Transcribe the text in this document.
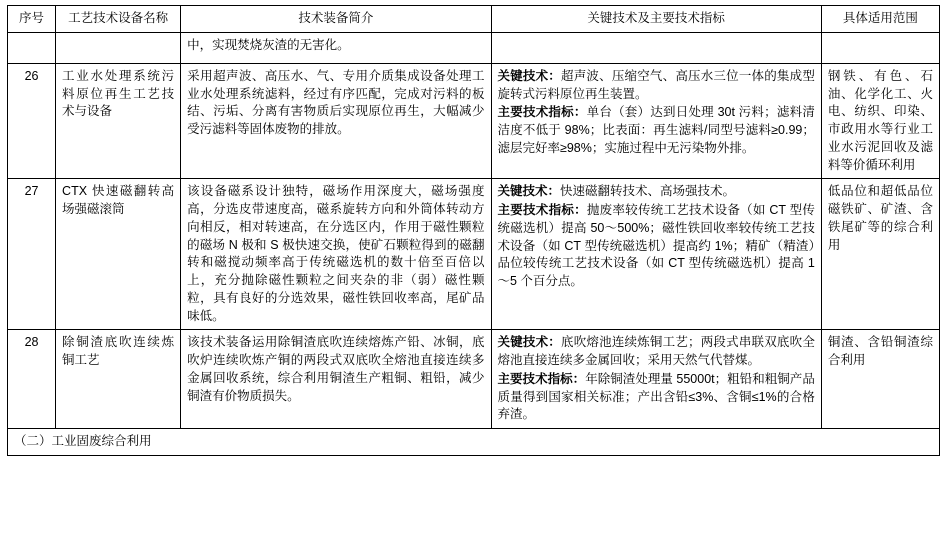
序号	工艺技术设备名称	技术装备简介	关键技术及主要技术指标	具体适用范围
		中，实现焚烧灰渣的无害化。		
26	工业水处理系统污料原位再生工艺技术与设备	采用超声波、高压水、气、专用介质集成设备处理工业水处理系统滤料，经过有序匹配，完成对污料的板结、污垢、分离有害物质后实现原位再生，大幅减少受污滤料等固体废物的排放。	关键技术：超声波、压缩空气、高压水三位一体的集成型旋转式污料原位再生装置。

主要技术指标：单台（套）达到日处理 30t 污料；滤料清洁度不低于 98%；比表面：再生滤料/同型号滤料≥0.99；滤层完好率≥98%；实施过程中无污染物外排。	钢铁、有色、石油、化学化工、火电、纺织、印染、市政用水等行业工业水污泥回收及滤料等价循环利用
27	CTX 快速磁翻转高场强磁滚筒	该设备磁系设计独特，磁场作用深度大，磁场强度高，分选皮带速度高，磁系旋转方向和外筒体转动方向相反，相对转速高，在分选区内，作用于磁性颗粒的磁场 N 极和 S 极快速交换，使矿石颗粒得到的磁翻转和磁搅动频率高于传统磁选机的数十倍至百倍以上，充分抛除磁性颗粒之间夹杂的非（弱）磁性颗粒，具有良好的分选效果，磁性铁回收率高，尾矿品味低。	关键技术：快速磁翻转技术、高场强技术。

主要技术指标：抛废率较传统工艺技术设备（如 CT 型传统磁选机）提高 50～500%；磁性铁回收率较传统工艺技术设备（如 CT 型传统磁选机）提高约 1%；精矿（精渣）品位较传统工艺技术设备（如 CT 型传统磁选机）提高 1～5 个百分点。	低品位和超低品位磁铁矿、矿渣、含铁尾矿等的综合利用
28	除铜渣底吹连续炼铜工艺	该技术装备运用除铜渣底吹连续熔炼产铅、冰铜，底吹炉连续吹炼产铜的两段式双底吹全熔池直接连续多金属回收系统，综合利用铜渣生产粗铜、粗铅，减少铜渣有价物质损失。	关键技术：底吹熔池连续炼铜工艺；两段式串联双底吹全熔池直接连续多金属回收；采用天然气代替煤。

主要技术指标：年除铜渣处理量 55000t；粗铅和粗铜产品质量得到国家相关标准；产出含铅≤3%、含铜≤1%的合格弃渣。	铜渣、含铅铜渣综合利用
（二）工业固废综合利用				
